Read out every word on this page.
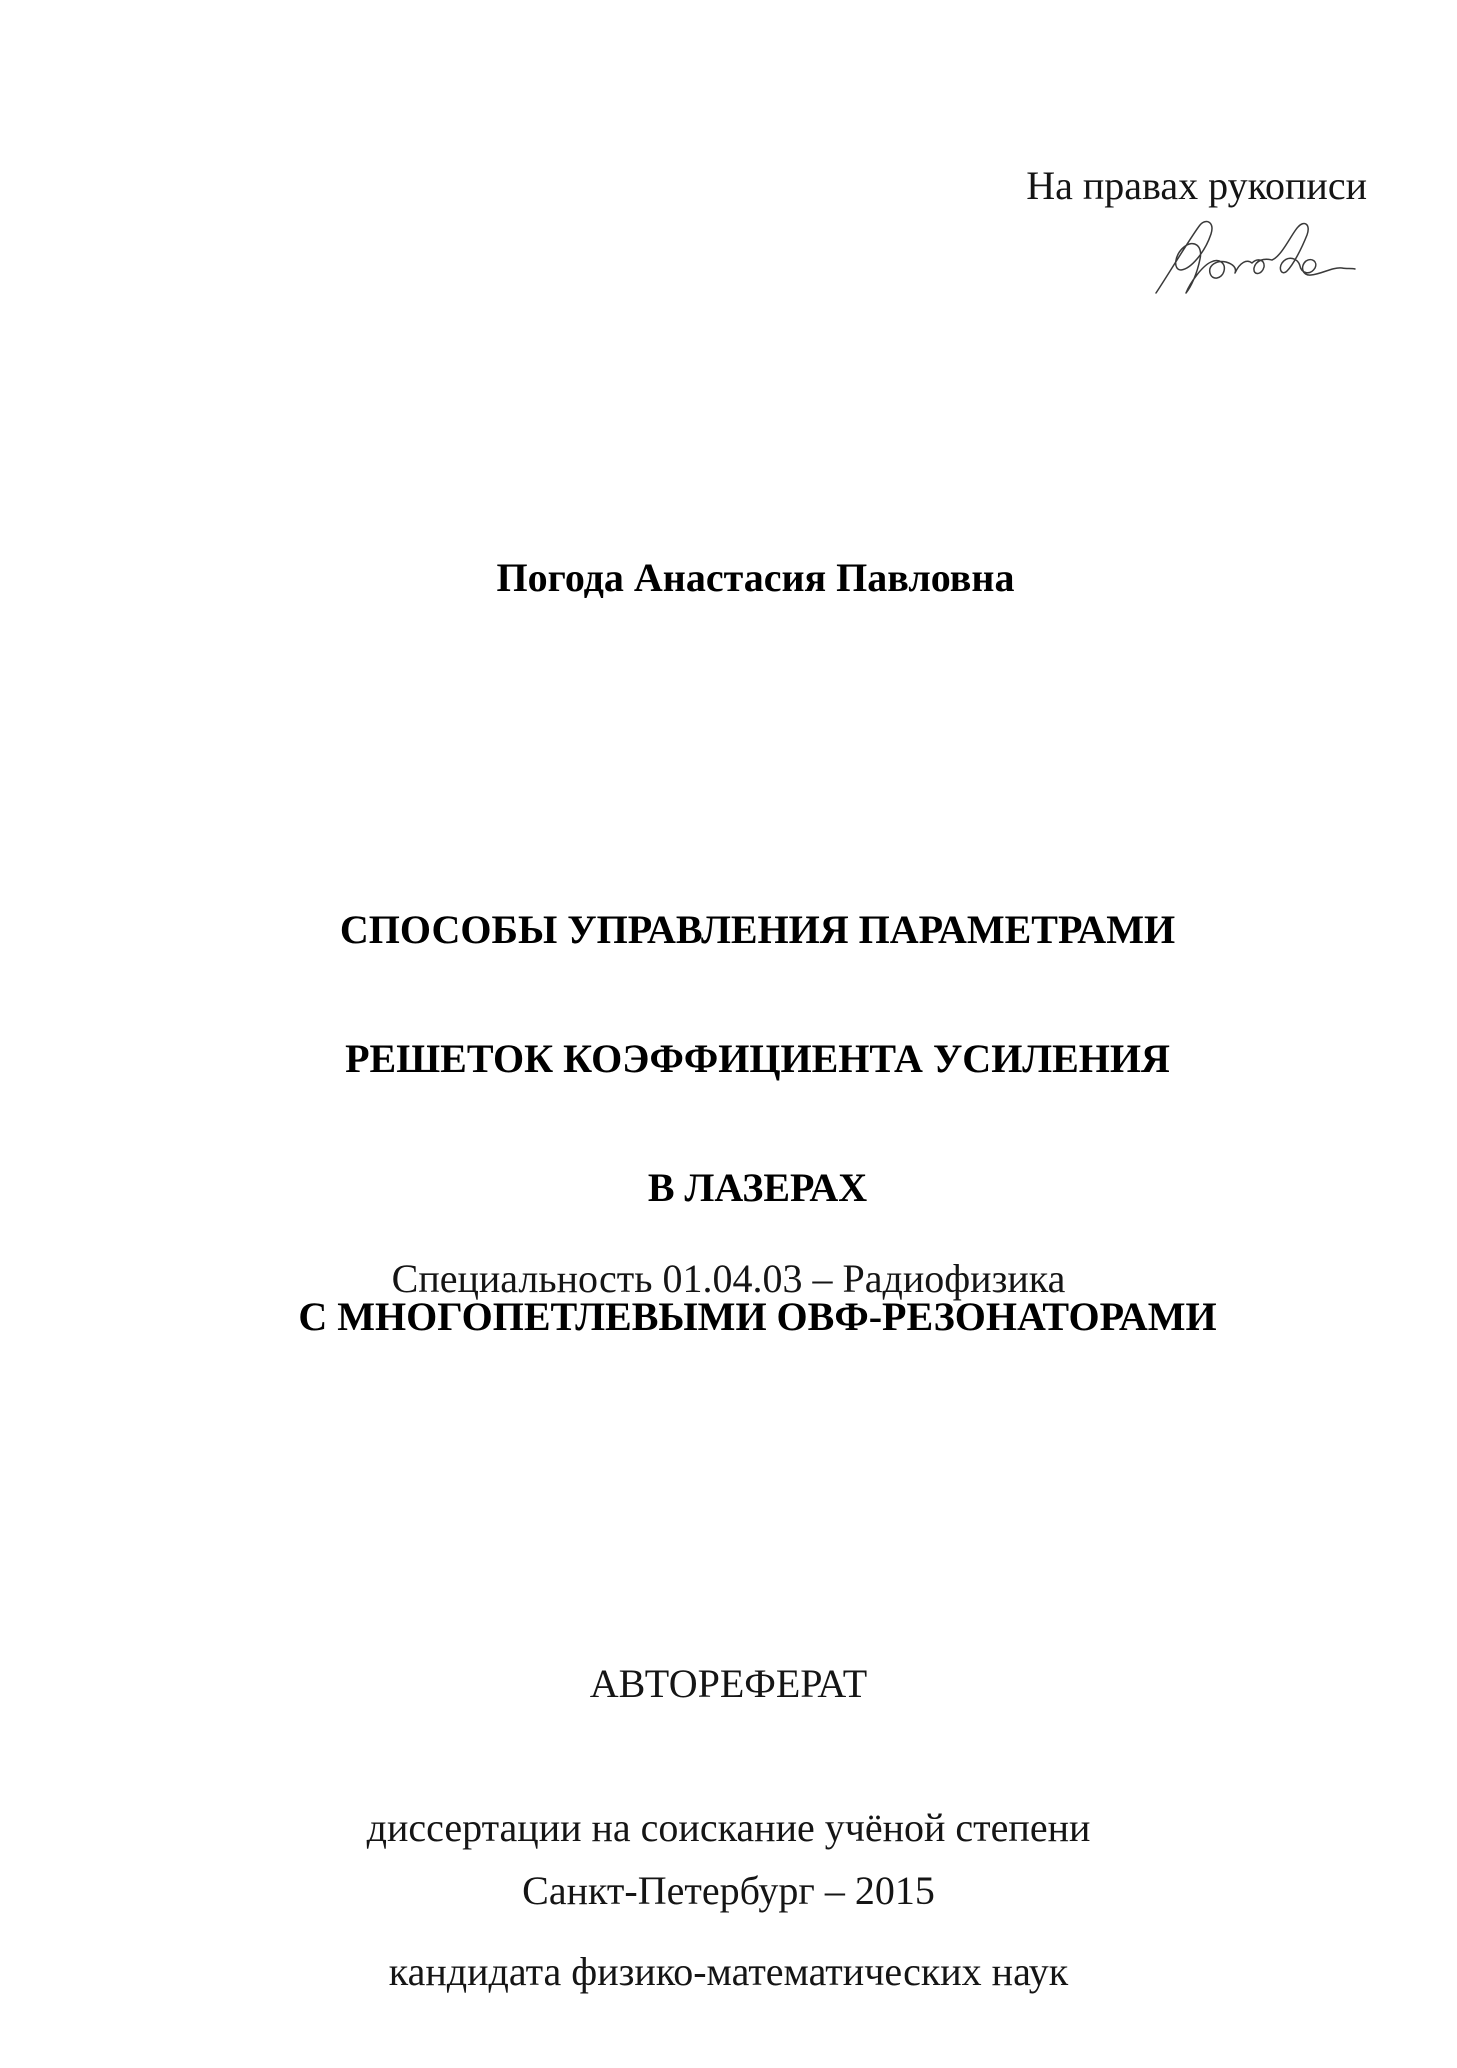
На правах рукописи
Погода Анастасия Павловна

СПОСОБЫ УПРАВЛЕНИЯ ПАРАМЕТРАМИ

РЕШЕТОК КОЭФФИЦИЕНТА УСИЛЕНИЯ

В ЛАЗЕРАХ

С МНОГОПЕТЛЕВЫМИ ОВФ-РЕЗОНАТОРАМИ

Специальность 01.04.03 – Радиофизика

АВТОРЕФЕРАТ

диссертации на соискание учёной степени

кандидата физико-математических наук

Санкт-Петербург – 2015
